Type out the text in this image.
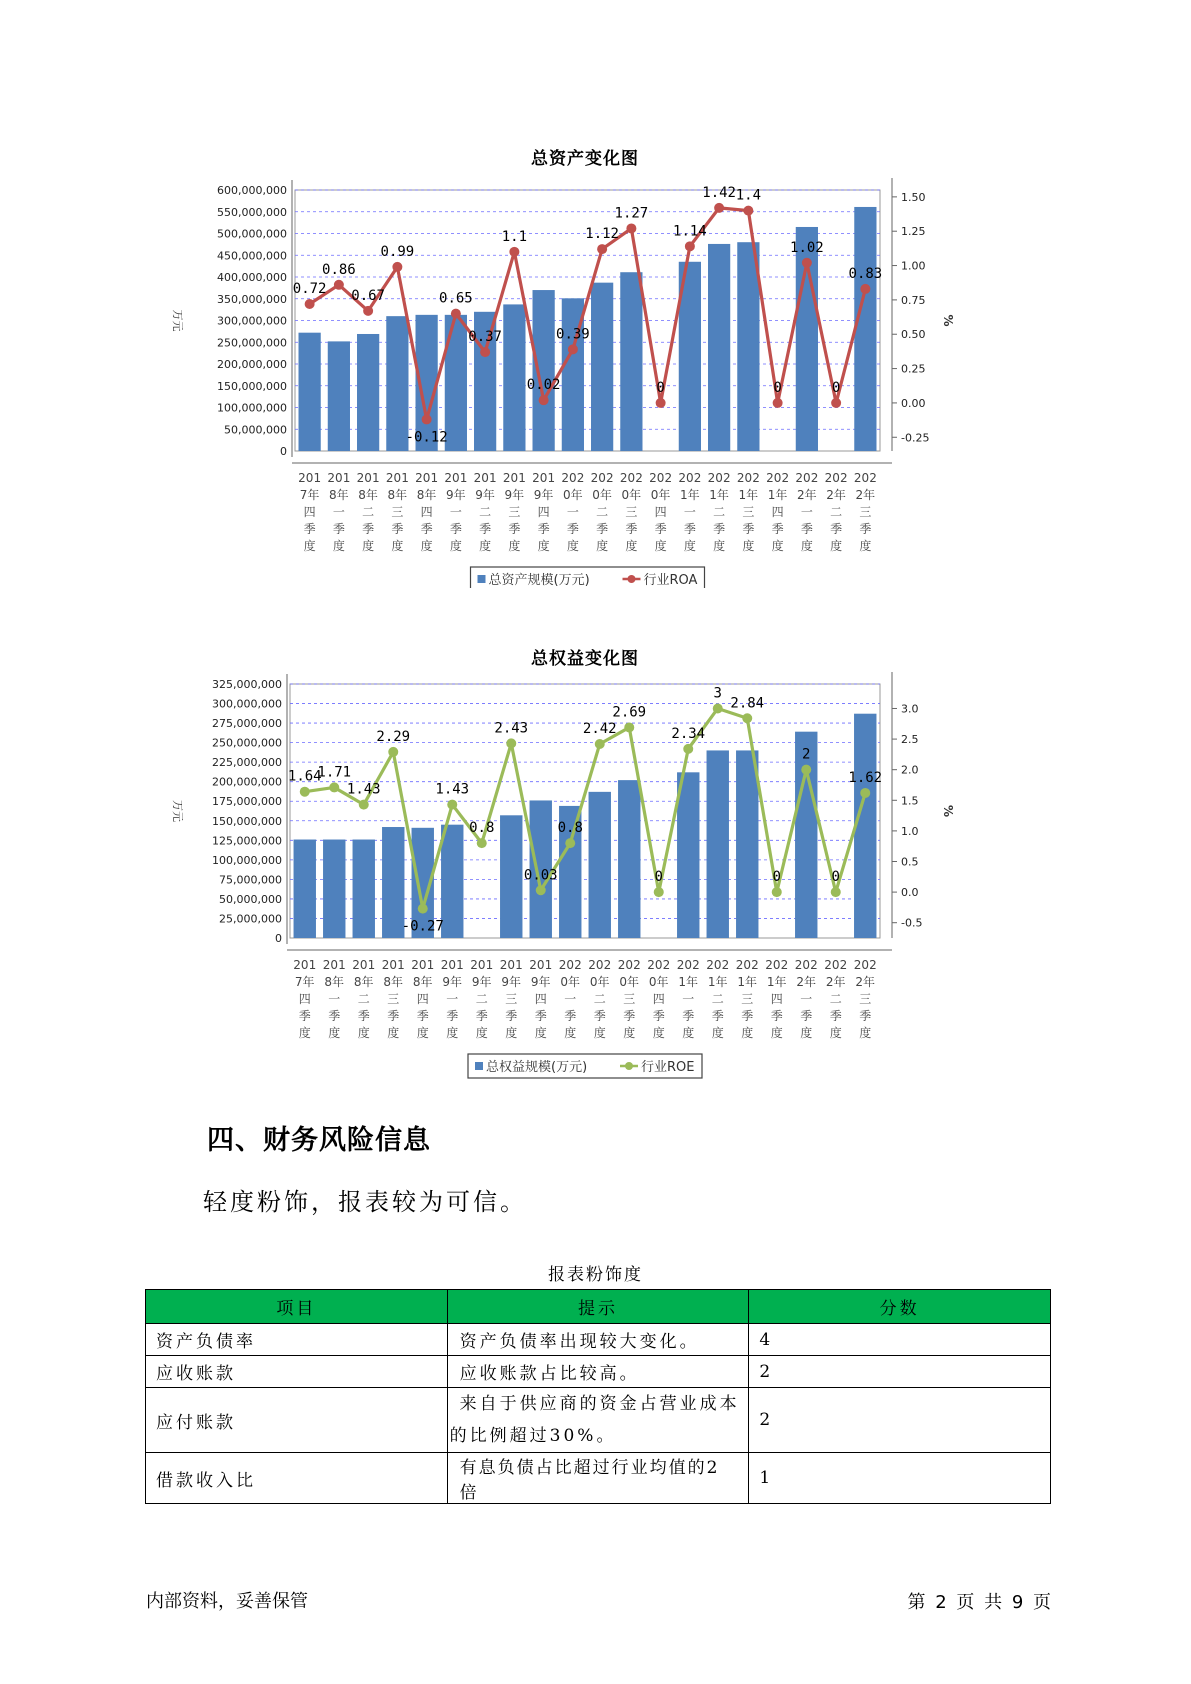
总资产变化图
0
50,000,000
100,000,000
150,000,000
200,000,000
250,000,000
300,000,000
350,000,000
400,000,000
450,000,000
500,000,000
550,000,000
600,000,000
-0.25
0.00
0.25
0.50
0.75
1.00
1.25
1.50
万元	%
0.72
0.86
0.67
0.99
-0.12
0.65
0.37
1.1
0.02
0.39
1.12
1.27
0
1.14
1.42 1.4
0
1.02
0
0.83
201
7年
四
季
度
201
8年
一
季
度
201
8年
二
季
度
201
8年
三
季
度
201
8年
四
季
度
201
9年
一
季
度
201
9年
二
季
度
201
9年
三
季
度
201
9年
四
季
度
202
0年
一
季
度
202
0年
二
季
度
202
0年
三
季
度
202
0年
四
季
度
202
1年
一
季
度
202
1年
二
季
度
202
1年
三
季
度
202
1年
四
季
度
202
2年
一
季
度
202
2年
二
季
度
202
2年
三
季
度
总资产规模(万元)	行业ROA
总权益变化图
0
25,000,000
50,000,000
75,000,000
100,000,000
125,000,000
150,000,000
175,000,000
200,000,000
225,000,000
250,000,000
275,000,000
300,000,000
325,000,000
-0.5
0.0
0.5
1.0
1.5
2.0
2.5
3.0
万元	%
1.64
1.71
1.43
2.29
-0.27
1.43
0.8
2.43
0.03
0.8
2.42
2.69
0
2.34
3
2.84
0
2
0
1.62
201
7年
四
季
度
201
8年
一
季
度
201
8年
二
季
度
201
8年
三
季
度
201
8年
四
季
度
201
9年
一
季
度
201
9年
二
季
度
201
9年
三
季
度
201
9年
四
季
度
202
0年
一
季
度
202
0年
二
季
度
202
0年
三
季
度
202
0年
四
季
度
202
1年
一
季
度
202
1年
二
季
度
202
1年
三
季
度
202
1年
四
季
度
202
2年
一
季
度
202
2年
二
季
度
202
2年
三
季
度
总权益规模(万元)	行业ROE
四、财务风险信息
轻度粉饰，报表较为可信。
报表粉饰度
项目	提示	分数
资产负债率	资产负债率出现较大变化。	4
应收账款	应收账款占比较高。	2
应付账款	来自于供应商的资金占营业成本
的比例超过30%。	2
借款收入比	有息负债占比超过行业均值的2倍	1
内部资料，妥善保管	第 2 页 共 9 页
